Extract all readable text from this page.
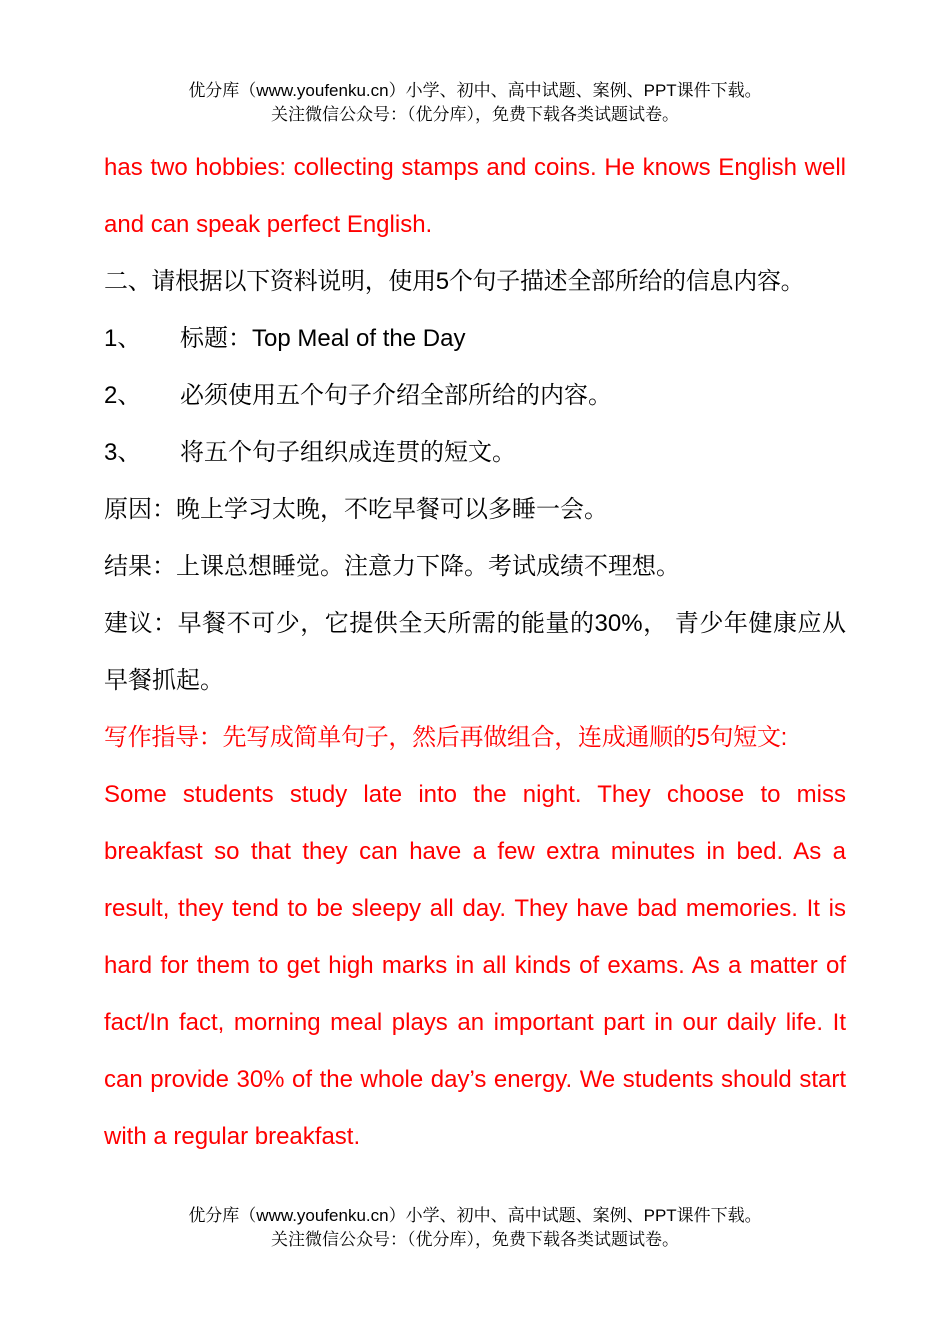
优分库（www.youfenku.cn）小学、初中、高中试题、案例、PPT课件下载。
关注微信公众号：（优分库），免费下载各类试题试卷。

has two hobbies: collecting stamps and coins. He knows English well and can speak perfect English.

二、请根据以下资料说明，使用5个句子描述全部所给的信息内容。

1、 标题：Top Meal of the Day
2、 必须使用五个句子介绍全部所给的内容。
3、 将五个句子组织成连贯的短文。

原因：晚上学习太晚，不吃早餐可以多睡一会。

结果：上课总想睡觉。注意力下降。考试成绩不理想。

建议：早餐不可少，它提供全天所需的能量的30%， 青少年健康应从早餐抓起。

写作指导：先写成简单句子，然后再做组合，连成通顺的5句短文:

Some students study late into the night. They choose to miss breakfast so that they can have a few extra minutes in bed. As a result, they tend to be sleepy all day. They have bad memories. It is hard for them to get high marks in all kinds of exams. As a matter of fact/In fact, morning meal plays an important part in our daily life. It can provide 30% of the whole day’s energy. We students should start with a regular breakfast.

优分库（www.youfenku.cn）小学、初中、高中试题、案例、PPT课件下载。
关注微信公众号：（优分库），免费下载各类试题试卷。
